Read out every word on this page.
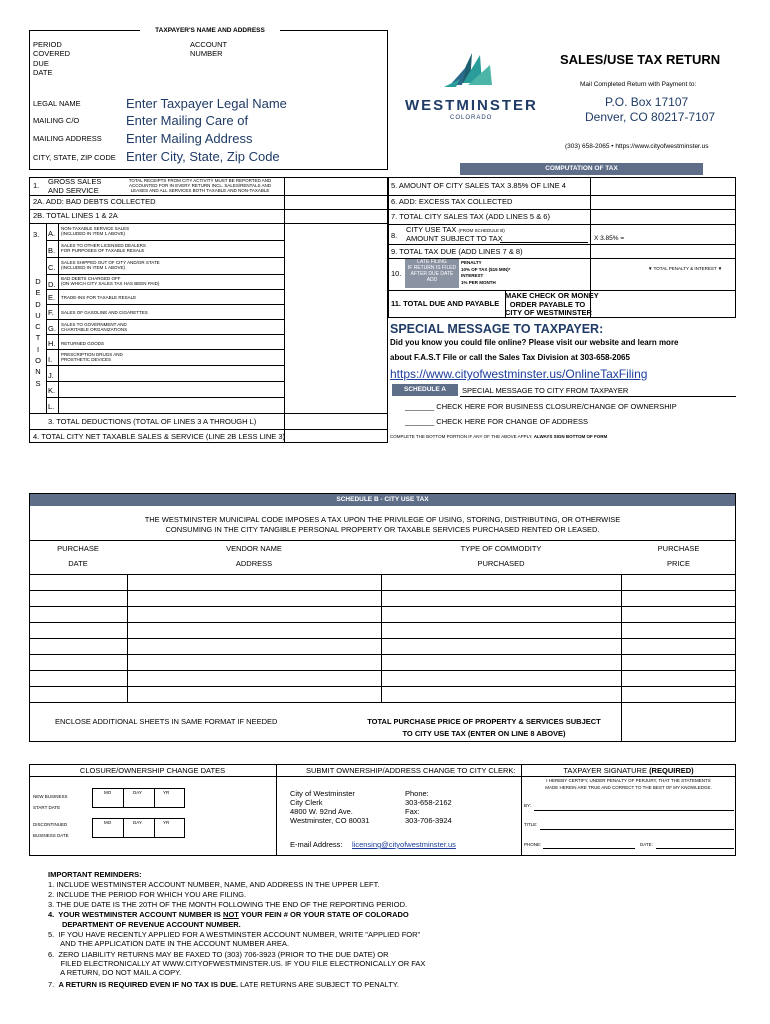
TAXPAYER'S NAME AND ADDRESS
PERIOD
COVERED
DUE
DATE
ACCOUNT
NUMBER
LEGAL NAME	Enter Taxpayer Legal Name
MAILING C/O	Enter Mailing Care of
MAILING ADDRESS Enter Mailing Address
CITY, STATE, ZIP CODE Enter City, State, Zip Code
WESTMINSTER
COLORADO
SALES/USE TAX RETURN
Mail Completed Return with Payment to:
P.O. Box 17107
Denver, CO 80217-7107
(303) 658-2065 • https://www.cityofwestminster.us
COMPUTATION OF TAX
1. GROSS SALES
AND SERVICE
TOTAL RECEIPTS FROM CITY ACTIVITY MUST BE REPORTED AND ACCOUNTED FOR IN EVERY RETURN INCL. SALES/RENTALS AND LEASES AND ALL SERVICES BOTH TAXABLE AND NON-TAXABLE
2A. ADD: BAD DEBTS COLLECTED
2B. TOTAL LINES 1 & 2A
3.
D
E
D
U
C
T
I
O
N
S
A.
NON-TAXABLE SERVICE SALES
(INCLUDED IN ITEM 1 ABOVE)
B.
SALES TO OTHER LICENSED DEALERS
FOR PURPOSES OF TAXABLE RESALE
C.
SALES SHIPPED OUT OF CITY AND/OR STATE
(INCLUDED IN ITEM 1 ABOVE)
D.
BAD DEBTS CHARGED OFF
(ON WHICH CITY SALES TAX HAS BEEN PAID)
E. TRADE-INS FOR TAXABLE RESALE
F. SALES OF GASOLINE AND CIGARETTES
G. SALES TO GOVERNMENT AND
CHARITABLE ORGANIZATIONS
H. RETURNED GOODS
I.
PRESCRIPTION DRUGS AND
PROSTHETIC DEVICES
J.
K.
L.
3. TOTAL DEDUCTIONS (TOTAL OF LINES 3 A THROUGH L)
4. TOTAL CITY NET TAXABLE SALES & SERVICE (LINE 2B LESS LINE 3)
5. AMOUNT OF CITY SALES TAX 3.85% OF LINE 4
6. ADD: EXCESS TAX COLLECTED
7. TOTAL CITY SALES TAX (ADD LINES 5 & 6)
8.
CITY USE TAX (FROM SCHEDULE B)
AMOUNT SUBJECT TO TAX	X 3.85% =
9. TOTAL TAX DUE (ADD LINES 7 & 8)
10.
LATE FILING
IF RETURN IS FILED
AFTER DUE DATE
ADD
PENALTY
10% OF TAX ($15 MIN)*
INTEREST
1% PER MONTH
▼ TOTAL PENALTY & INTEREST ▼
11. TOTAL DUE AND PAYABLE
MAKE CHECK OR MONEY
ORDER PAYABLE TO
CITY OF WESTMINSTER
SPECIAL MESSAGE TO TAXPAYER:
Did you know you could file online? Please visit our website and learn more
about F.A.S.T File or call the Sales Tax Division at 303-658-2065
https://www.cityofwestminster.us/OnlineTaxFiling
SCHEDULE A	SPECIAL MESSAGE TO CITY FROM TAXPAYER
_______ CHECK HERE FOR BUSINESS CLOSURE/CHANGE OF OWNERSHIP
_______ CHECK HERE FOR CHANGE OF ADDRESS
COMPLETE THE BOTTOM PORTION IF ANY OF THE ABOVE APPLY. ALWAYS SIGN BOTTOM OF FORM
SCHEDULE B - CITY USE TAX
THE WESTMINSTER MUNICIPAL CODE IMPOSES A TAX UPON THE PRIVILEGE OF USING, STORING, DISTRIBUTING, OR OTHERWISE
CONSUMING IN THE CITY TANGIBLE PERSONAL PROPERTY OR TAXABLE SERVICES PURCHASED RENTED OR LEASED.
PURCHASE
DATE
VENDOR NAME
ADDRESS
TYPE OF COMMODITY
PURCHASED
PURCHASE
PRICE
ENCLOSE ADDITIONAL SHEETS IN SAME FORMAT IF NEEDED	TOTAL PURCHASE PRICE OF PROPERTY & SERVICES SUBJECT
TO CITY USE TAX (ENTER ON LINE 8 ABOVE)
CLOSURE/OWNERSHIP CHANGE DATES
NEW BUSINESS

START DATE
MO	DAY	YR
DISCONTINUED

BUSINESS DATE
MO	DAY	YR
SUBMIT OWNERSHIP/ADDRESS CHANGE TO CITY CLERK:
City of Westminster
City Clerk
4800 W. 92nd Ave.
Westminster, CO 80031
Phone:
303-658-2162
Fax:
303-706-3924
E-mail Address: licensing@cityofwestminster.us
TAXPAYER SIGNATURE (REQUIRED)
I HEREBY CERTIFY, UNDER PENALTY OF PERJURY, THAT THE STATEMENTS
MADE HEREIN ARE TRUE AND CORRECT TO THE BEST OF MY KNOWLEDGE.
BY:
TITLE:
PHONE:	DATE:
IMPORTANT REMINDERS:
1. INCLUDE WESTMINSTER ACCOUNT NUMBER, NAME, AND ADDRESS IN THE UPPER LEFT.
2. INCLUDE THE PERIOD FOR WHICH YOU ARE FILING.
3. THE DUE DATE IS THE 20TH OF THE MONTH FOLLOWING THE END OF THE REPORTING PERIOD.
4.  YOUR WESTMINSTER ACCOUNT NUMBER IS NOT YOUR FEIN # OR YOUR STATE OF COLORADO
DEPARTMENT OF REVENUE ACCOUNT NUMBER.
5.  IF YOU HAVE RECENTLY APPLIED FOR A WESTMINSTER ACCOUNT NUMBER, WRITE "APPLIED FOR"
AND THE APPLICATION DATE IN THE ACCOUNT NUMBER AREA.
6.  ZERO LIABILITY RETURNS MAY BE FAXED TO (303) 706-3923 (PRIOR TO THE DUE DATE) OR
FILED ELECTRONICALLY AT WWW.CITYOFWESTMINSTER.US. IF YOU FILE ELECTRONICALLY OR FAX
A RETURN, DO NOT MAIL A COPY.
7.  A RETURN IS REQUIRED EVEN IF NO TAX IS DUE. LATE RETURNS ARE SUBJECT TO PENALTY.
